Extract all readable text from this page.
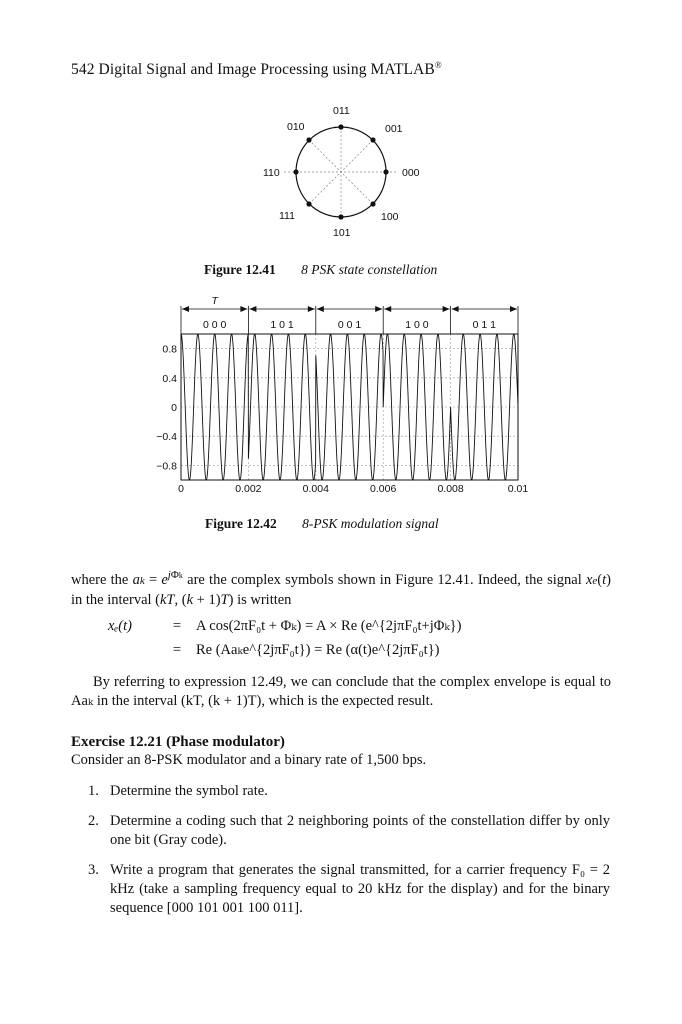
542 Digital Signal and Image Processing using MATLAB®
011
001
000
100
101
111
110
010
Figure 12.41 8 PSK state constellation
0	0.002	0.004	0.006	0.008	0.01
0.8
0.4
0
−0.4
−0.8
0 0 0	1 0 1	0 0 1	1 0 0	0 1 1
T
Figure 12.42 8-PSK modulation signal
where the ak = $e^{j\Phi k}$ are the complex symbols shown in Figure 12.41. Indeed, the signal xe(t) in the interval (kT, (k + 1)T) is written
xₑ(t)	= A cos(2πF₀t + Φₖ) = A × Re (e^{2jπF₀t+jΦₖ})
= Re (Aaₖe^{2jπF₀t}) = Re (α(t)e^{2jπF₀t})
By referring to expression 12.49, we can conclude that the complex envelope is equal to Aaₖ in the interval (kT, (k + 1)T), which is the expected result.
Exercise 12.21 (Phase modulator)
Consider an 8-PSK modulator and a binary rate of 1,500 bps.
1. Determine the symbol rate.
2. Determine a coding such that 2 neighboring points of the constellation differ by only one bit (Gray code).
3. Write a program that generates the signal transmitted, for a carrier frequency F₀ = 2 kHz (take a sampling frequency equal to 20 kHz for the display) and for the binary sequence [000 101 001 100 011].
